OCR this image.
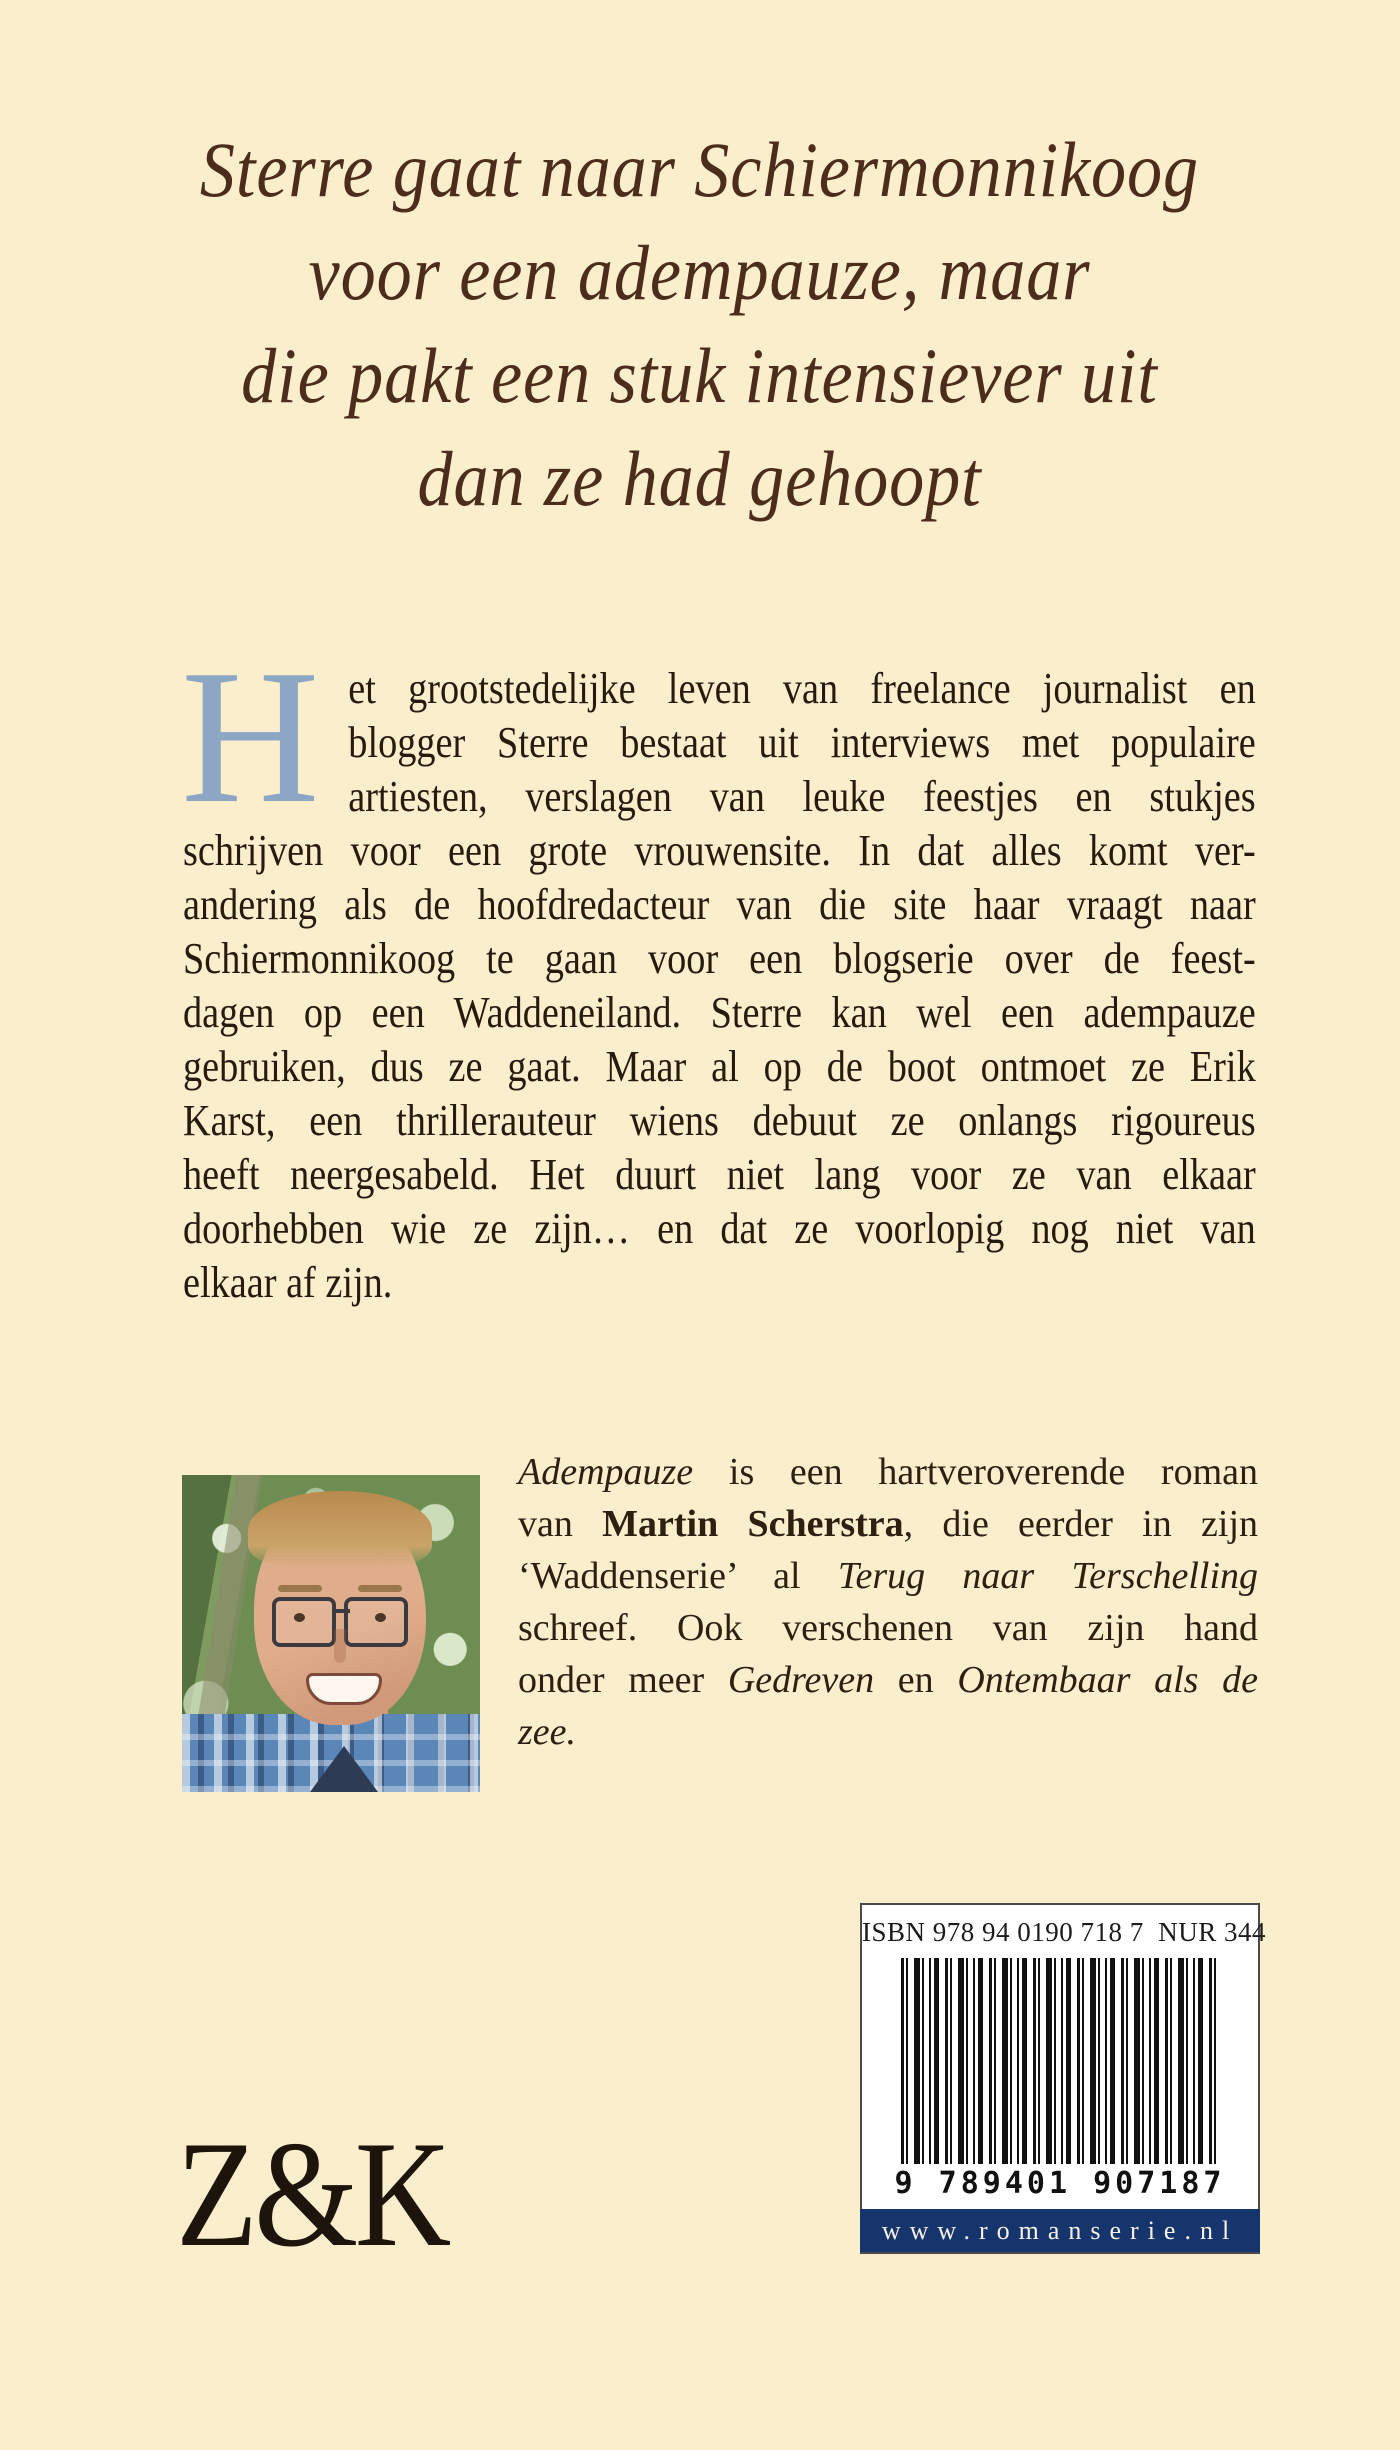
Sterre gaat naar Schiermonnikoog
voor een adempauze, maar
die pakt een stuk intensiever uit
dan ze had gehoopt
H et grootstedelijke leven van freelance journalist en
blogger Sterre bestaat uit interviews met populaire
artiesten, verslagen van leuke feestjes en stukjes
schrijven voor een grote vrouwensite. In dat alles komt ver-
andering als de hoofdredacteur van die site haar vraagt naar
Schiermonnikoog te gaan voor een blogserie over de feest-
dagen op een Waddeneiland. Sterre kan wel een adempauze
gebruiken, dus ze gaat. Maar al op de boot ontmoet ze Erik
Karst, een thrillerauteur wiens debuut ze onlangs rigoureus
heeft neergesabeld. Het duurt niet lang voor ze van elkaar
doorhebben wie ze zijn… en dat ze voorlopig nog niet van
elkaar af zijn.
Adempauze is een hartveroverende roman
van Martin Scherstra, die eerder in zijn
‘Waddenserie’ al Terug naar Terschelling
schreef. Ook verschenen van zijn hand
onder meer Gedreven en Ontembaar als de
zee.
Z&K
ISBN 978 94 0190 718 7  NUR 344
9 789401 907187
www.romanserie.nl
